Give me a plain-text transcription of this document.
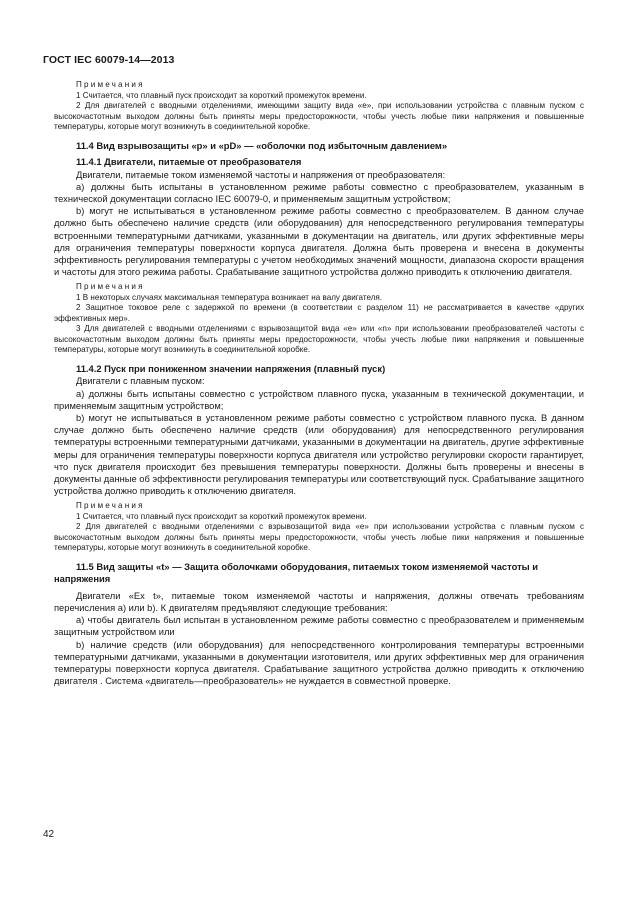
ГОСТ IEC 60079-14—2013

Примечания

1 Считается, что плавный пуск происходит за короткий промежуток времени.

2 Для двигателей с вводными отделениями, имеющими защиту вида «е», при использовании устройства с плавным пуском с высокочастотным выходом должны быть приняты меры предосторожности, чтобы учесть любые пики напряжения и повышенные температуры, которые могут возникнуть в соединительной коробке.

11.4 Вид взрывозащиты «р» и «pD» — «оболочки под избыточным давлением»

11.4.1 Двигатели, питаемые от преобразователя

Двигатели, питаемые током изменяемой частоты и напряжения от преобразователя:

а) должны быть испытаны в установленном режиме работы совместно с преобразователем, указанным в технической документации согласно IEC 60079-0, и применяемым защитным устройством;

b) могут не испытываться в установленном режиме работы совместно с преобразователем. В данном случае должно быть обеспечено наличие средств (или оборудования) для непосредственного регулирования температуры встроенными температурными датчиками, указанными в документации на двигатель, или других эффективные меры для ограничения температуры поверхности корпуса двигателя. Должна быть проверена и внесена в документы эффективность регулирования температуры с учетом необходимых значений мощности, диапазона скорости вращения и частоты для этого режима работы. Срабатывание защитного устройства должно приводить к отключению двигателя.

Примечания

1 В некоторых случаях максимальная температура возникает на валу двигателя.

2 Защитное токовое реле с задержкой по времени (в соответствии с разделом 11) не рассматривается в качестве «других эффективных мер».

3 Для двигателей с вводными отделениями с взрывозащитой вида «е» или «n» при использовании преобразователей частоты с высокочастотным выходом должны быть приняты меры предосторожности, чтобы учесть любые пики напряжения и повышенные температуры, которые могут возникнуть в соединительной коробке.

11.4.2 Пуск при пониженном значении напряжения (плавный пуск)

Двигатели с плавным пуском:

а) должны быть испытаны совместно с устройством плавного пуска, указанным в технической документации, и применяемым защитным устройством;

b) могут не испытываться в установленном режиме работы совместно с устройством плавного пуска. В данном случае должно быть обеспечено наличие средств (или оборудования) для непосредственного регулирования температуры встроенными температурными датчиками, указанными в документации на двигатель, другие эффективные меры для ограничения температуры поверхности корпуса двигателя или устройство регулировки скорости гарантирует, что пуск двигателя происходит без превышения температуры поверхности. Должны быть проверены и внесены в документы данные об эффективности регулирования температуры или соответствующий пуск. Срабатывание защитного устройства должно приводить к отключению двигателя.

Примечания

1 Считается, что плавный пуск происходит за короткий промежуток времени.

2 Для двигателей с вводными отделениями с взрывозащитой вида «е» при использовании устройства с плавным пуском с высокочастотным выходом должны быть приняты меры предосторожности, чтобы учесть любые пики напряжения и повышенные температуры, которые могут возникнуть в соединительной коробке.

11.5 Вид защиты «t» — Защита оболочками оборудования, питаемых током изменяемой частоты и напряжения

Двигатели «Ex t», питаемые током изменяемой частоты и напряжения, должны отвечать требованиям перечисления а) или b). К двигателям предъявляют следующие требования:

а) чтобы двигатель был испытан в установленном режиме работы совместно с преобразователем и применяемым защитным устройством или

b) наличие средств (или оборудования) для непосредственного контролирования температуры встроенными температурными датчиками, указанными в документации изготовителя, или других эффективных мер для ограничения температуры поверхности корпуса двигателя. Срабатывание защитного устройства должно приводить к отключению двигателя . Система «двигатель—преобразователь» не нуждается в совместной проверке.

42
